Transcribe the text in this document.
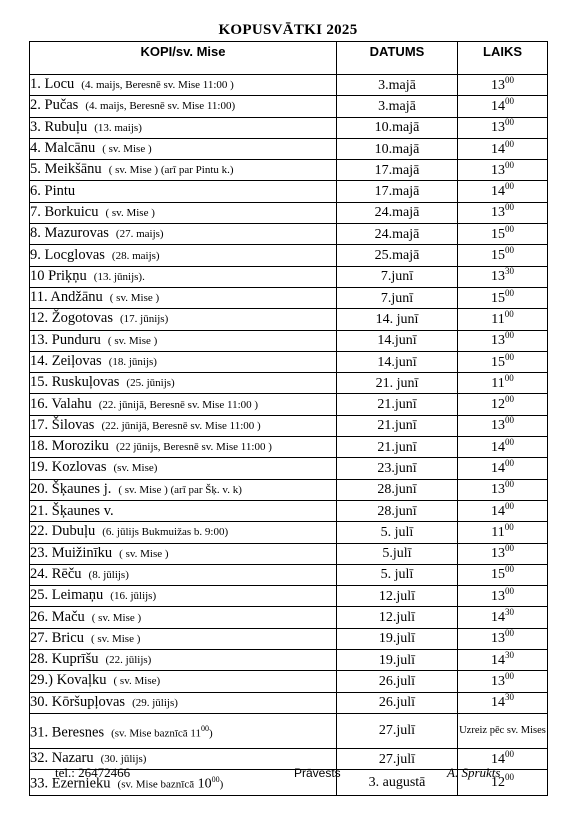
KOPUSVĀTKI 2025
KOPI/sv. Mise	DATUMS	LAIKS
1. Locu (4. maijs, Beresnē sv. Mise 11:00 )	3.majā	$13^{00}$
2. Pučas (4. maijs, Beresnē sv. Mise 11:00)	3.majā	$14^{00}$
3. Rubuļu (13. maijs)	10.majā	$13^{00}$
4. Malcānu ( sv. Mise )	10.majā	$14^{00}$
5. Meikšānu ( sv. Mise ) (arī par Pintu k.)	17.majā	$13^{00}$
6. Pintu	17.majā	$14^{00}$
7. Borkuicu ( sv. Mise )	24.majā	$13^{00}$
8. Mazurovas (27. maijs)	24.majā	$15^{00}$
9. Locglovas (28. maijs)	25.majā	$15^{00}$
10 Priķņu (13. jūnijs).	7.junī	$13^{30}$
11. Andžānu ( sv. Mise )	7.junī	$15^{00}$
12. Žogotovas (17. jūnijs)	14. junī	$11^{00}$
13. Punduru ( sv. Mise )	14.junī	$13^{00}$
14. Zeiļovas (18. jūnijs)	14.junī	$15^{00}$
15. Ruskuļovas (25. jūnijs)	21. junī	$11^{00}$
16. Valahu (22. jūnijā, Beresnē sv. Mise 11:00 )	21.junī	$12^{00}$
17. Šilovas (22. jūnijā, Beresnē sv. Mise 11:00 )	21.junī	$13^{00}$
18. Moroziku (22 jūnijs, Beresnē sv. Mise 11:00 )	21.junī	$14^{00}$
19. Kozlovas (sv. Mise)	23.junī	$14^{00}$
20. Šķaunes j. ( sv. Mise ) (arī par Šķ. v. k)	28.junī	$13^{00}$
21. Šķaunes v.	28.junī	$14^{00}$
22. Dubuļu (6. jūlijs Bukmuižas b. 9:00)	5. julī	$11^{00}$
23. Muižinīku ( sv. Mise )	5.julī	$13^{00}$
24. Rēču (8. jūlijs)	5. julī	$15^{00}$
25. Leimaņu (16. jūlijs)	12.julī	$13^{00}$
26. Maču ( sv. Mise )	12.julī	$14^{30}$
27. Bricu ( sv. Mise )	19.julī	$13^{00}$
28. Kuprīšu (22. jūlijs)	19.julī	$14^{30}$
29.) Kovaļku ( sv. Mise)	26.julī	$13^{00}$
30. Kōršupļovas (29. jūlijs)	26.julī	$14^{30}$
31. Beresnes (sv. Mise baznīcā $11^{00}$)	27.julī	Uzreiz pēc sv. Mises

32. Nazaru (30. jūlijs)	27.julī	$14^{00}$
33. Ezernieku (sv. Mise baznīcā $10^{00}$)	3. augustā	$12^{00}$
tel.: 26472466	Prāvests	A. Sprukts
